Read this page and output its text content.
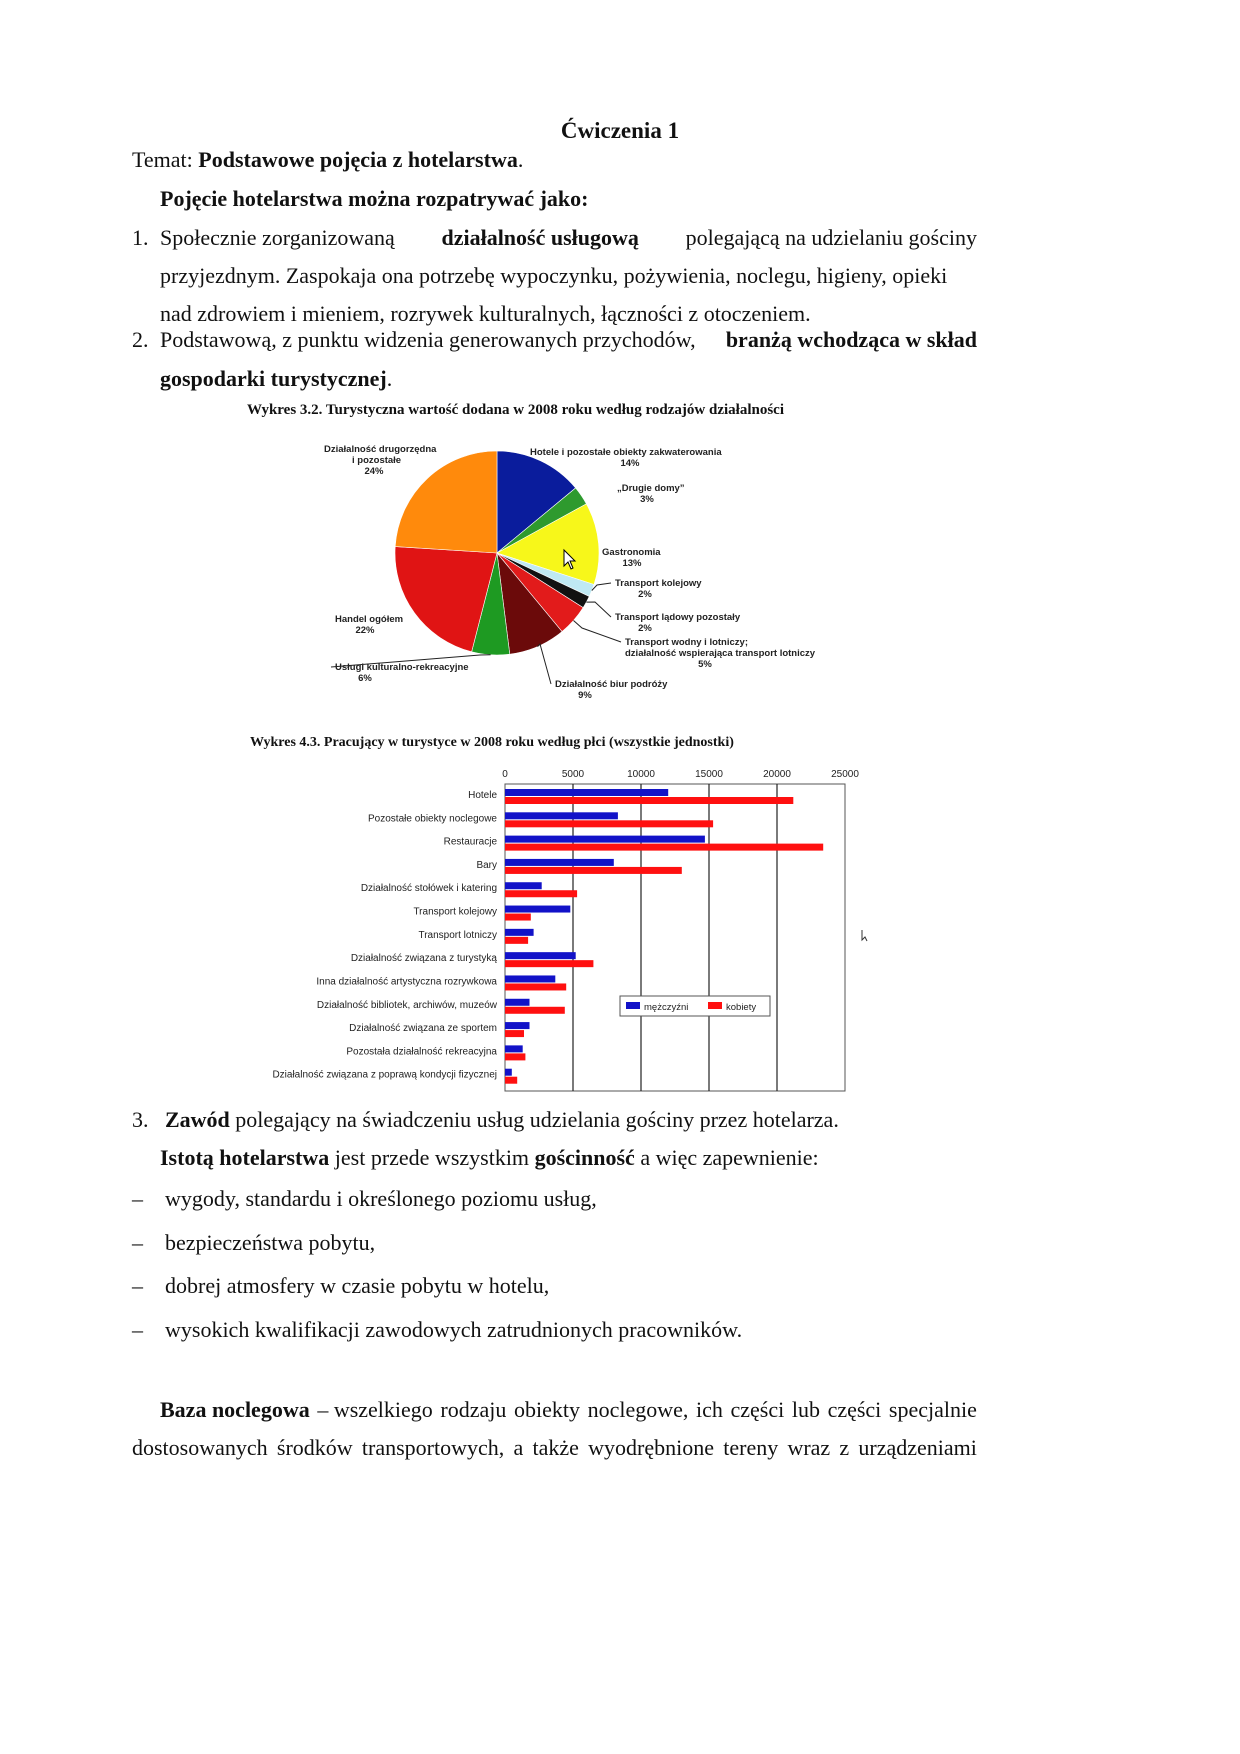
Ćwiczenia 1
Temat: Podstawowe pojęcia z hotelarstwa.
Pojęcie hotelarstwa można rozpatrywać jako:
1. Społecznie zorganizowaną działalność usługową polegającą na udzielaniu gościny
przyjezdnym. Zaspokaja ona potrzebę wypoczynku, pożywienia, noclegu, higieny, opieki
nad zdrowiem i mieniem, rozrywek kulturalnych, łączności z otoczeniem.
2. Podstawową, z punktu widzenia generowanych przychodów, branżą wchodząca w skład
gospodarki turystycznej.
Wykres 3.2. Turystyczna wartość dodana w 2008 roku według rodzajów działalności
Hotele i pozostałe obiekty zakwaterowania
14%
„Drugie domy”
3%
Gastronomia
13%
Transport kolejowy
2%
Transport lądowy pozostały
2%
Transport wodny i lotniczy; działalność wspierająca transport lotniczy
5%
Działalność biur podróży
9%
Usługi kulturalno-rekreacyjne
6%
Handel ogółem
22%
Działalność drugorzędna i pozostałe
24%
Wykres 4.3. Pracujący w turystyce w 2008 roku według płci (wszystkie jednostki)
0	5000	10000	15000	20000	25000
Hotele
Pozostałe obiekty noclegowe
Restauracje
Bary
Działalność stołówek i katering
Transport kolejowy
Transport lotniczy
Działalność związana z turystyką
Inna działalność artystyczna rozrywkowa
Działalność bibliotek, archiwów, muzeów
Działalność związana ze sportem
Pozostała działalność rekreacyjna
Działalność związana z poprawą kondycji fizycznej
mężczyźni	kobiety
3. Zawód polegający na świadczeniu usług udzielania gościny przez hotelarza.
Istotą hotelarstwa jest przede wszystkim gościnność a więc zapewnienie:
– wygody, standardu i określonego poziomu usług,
– bezpieczeństwa pobytu,
– dobrej atmosfery w czasie pobytu w hotelu,
– wysokich kwalifikacji zawodowych zatrudnionych pracowników.
Baza noclegowa – wszelkiego rodzaju obiekty noclegowe, ich części lub części specjalnie
dostosowanych środków transportowych, a także wyodrębnione tereny wraz z urządzeniami
